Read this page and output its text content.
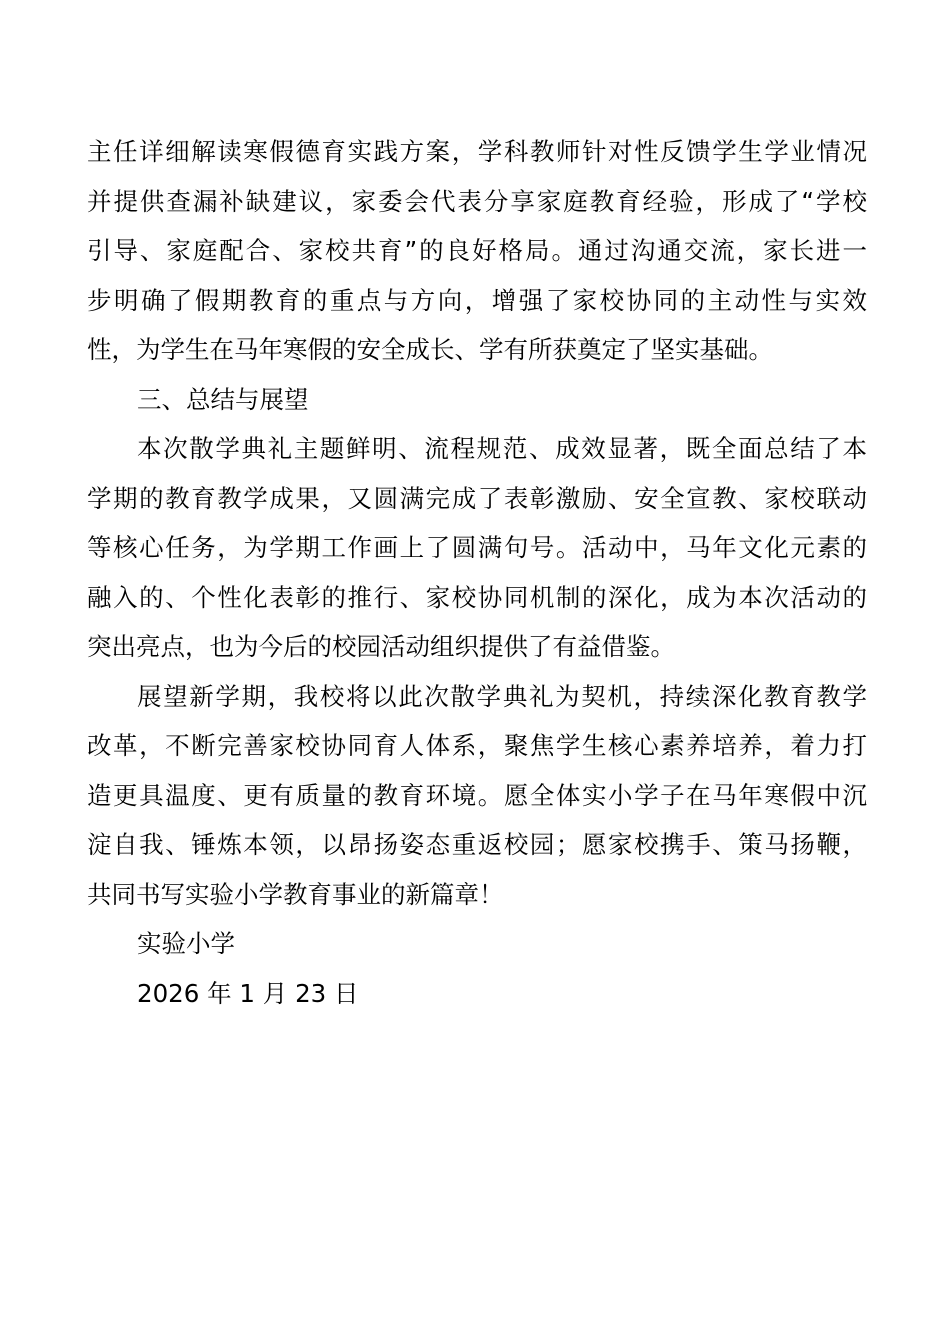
主任详细解读寒假德育实践方案，学科教师针对性反馈学生学业情况
并提供查漏补缺建议，家委会代表分享家庭教育经验，形成了“学校
引导、家庭配合、家校共育”的良好格局。通过沟通交流，家长进一
步明确了假期教育的重点与方向，增强了家校协同的主动性与实效
性，为学生在马年寒假的安全成长、学有所获奠定了坚实基础。
三、总结与展望
本次散学典礼主题鲜明、流程规范、成效显著，既全面总结了本
学期的教育教学成果，又圆满完成了表彰激励、安全宣教、家校联动
等核心任务，为学期工作画上了圆满句号。活动中，马年文化元素的
融入的、个性化表彰的推行、家校协同机制的深化，成为本次活动的
突出亮点，也为今后的校园活动组织提供了有益借鉴。
展望新学期，我校将以此次散学典礼为契机，持续深化教育教学
改革，不断完善家校协同育人体系，聚焦学生核心素养培养，着力打
造更具温度、更有质量的教育环境。愿全体实小学子在马年寒假中沉
淀自我、锤炼本领，以昂扬姿态重返校园；愿家校携手、策马扬鞭，
共同书写实验小学教育事业的新篇章！
实验小学
2026 年 1 月 23 日
